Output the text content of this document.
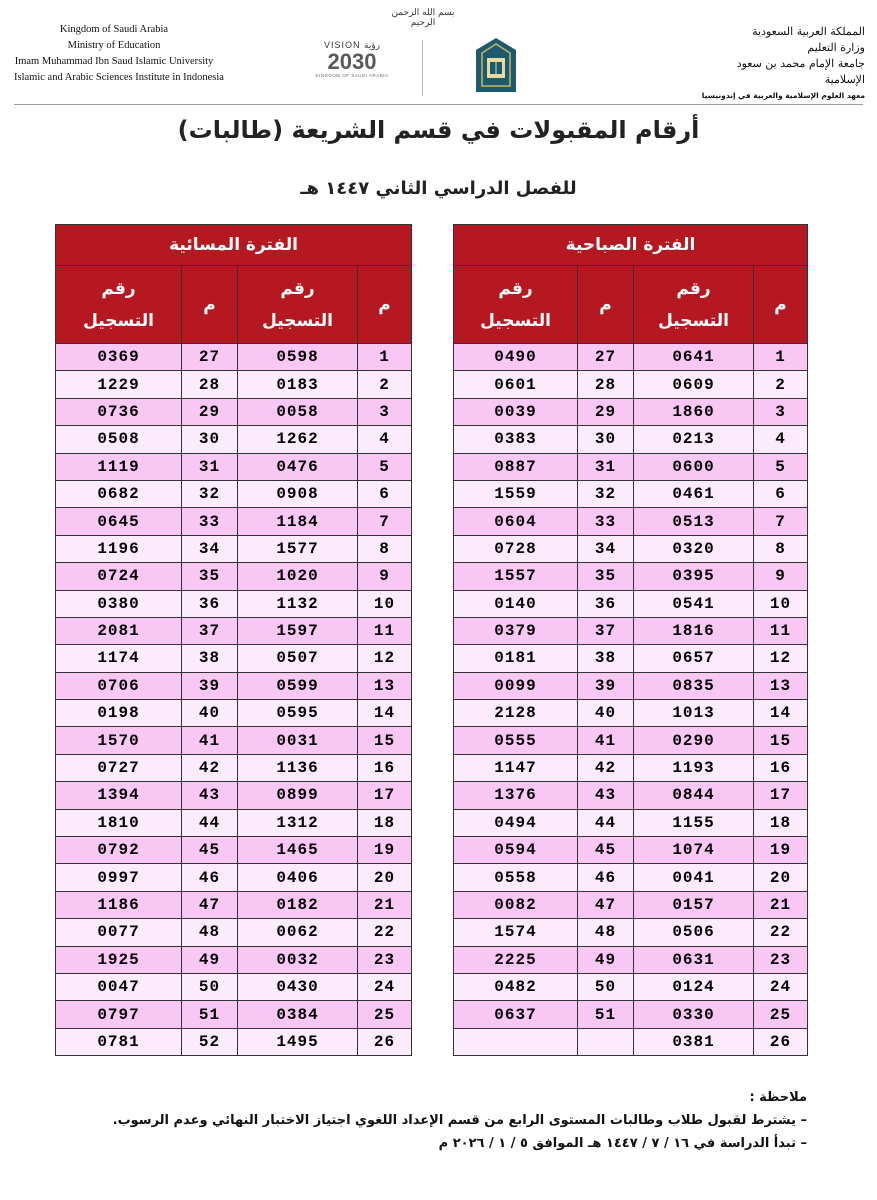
Kingdom of Saudi Arabia
Ministry of Education
Imam Muhammad Ibn Saud Islamic University
Islamic and Arabic Sciences Institute in Indonesia
بسم الله الرحمن الرحيم
VISION رؤية
2030
KINGDOM OF SAUDI ARABIA
المملكة العربية السعودية
وزارة التعليم
جامعة الإمام محمد بن سعود الإسلامية
معهد العلوم الإسلامية والعربية في إندونيسيا
أرقام المقبولات في قسم الشريعة (طالبات)
للفصل الدراسي الثاني ١٤٤٧ هـ
الفترة الصباحية			
م	رقم
التسجيل	م	رقم
التسجيل
1	0641	27	0490
2	0609	28	0601
3	1860	29	0039
4	0213	30	0383
5	0600	31	0887
6	0461	32	1559
7	0513	33	0604
8	0320	34	0728
9	0395	35	1557
10	0541	36	0140
11	1816	37	0379
12	0657	38	0181
13	0835	39	0099
14	1013	40	2128
15	0290	41	0555
16	1193	42	1147
17	0844	43	1376
18	1155	44	0494
19	1074	45	0594
20	0041	46	0558
21	0157	47	0082
22	0506	48	1574
23	0631	49	2225
24	0124	50	0482
25	0330	51	0637
26	0381		
الفترة المسائية			
م	رقم
التسجيل	م	رقم
التسجيل
1	0598	27	0369
2	0183	28	1229
3	0058	29	0736
4	1262	30	0508
5	0476	31	1119
6	0908	32	0682
7	1184	33	0645
8	1577	34	1196
9	1020	35	0724
10	1132	36	0380
11	1597	37	2081
12	0507	38	1174
13	0599	39	0706
14	0595	40	0198
15	0031	41	1570
16	1136	42	0727
17	0899	43	1394
18	1312	44	1810
19	1465	45	0792
20	0406	46	0997
21	0182	47	1186
22	0062	48	0077
23	0032	49	1925
24	0430	50	0047
25	0384	51	0797
26	1495	52	0781
ملاحظة :
– يشترط لقبول طلاب وطالبات المستوى الرابع من قسم الإعداد اللغوي اجتياز الاختبار النهائي وعدم الرسوب.
– تبدأ الدراسة في ١٦ / ٧ / ١٤٤٧ هـ الموافق ٥ / ١ / ٢٠٢٦ م
